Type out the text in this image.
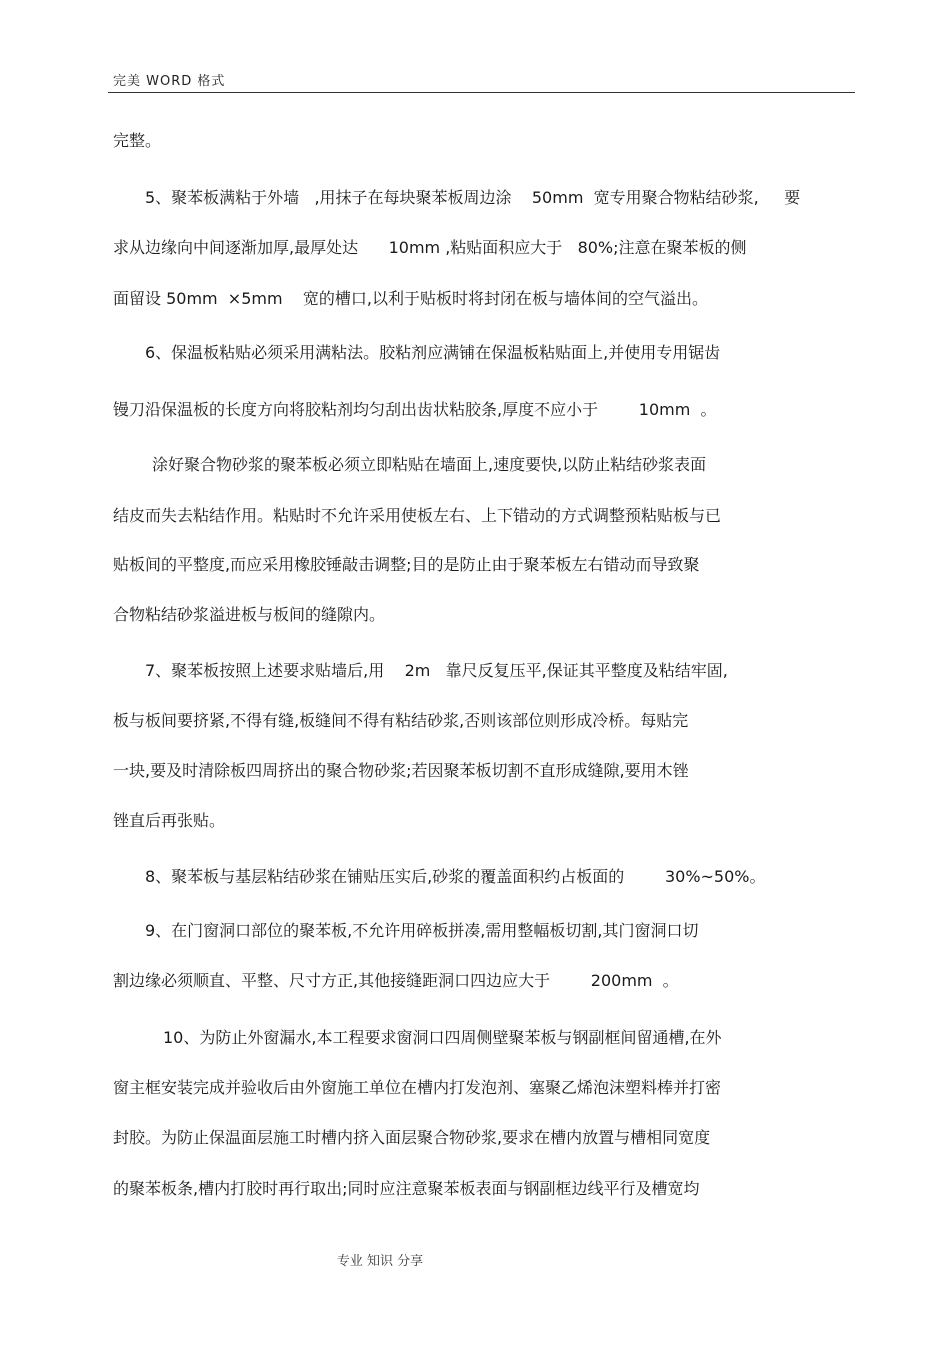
完美 WORD 格式
完整。
5、聚苯板满粘于外墙   ,用抹子在每块聚苯板周边涂    50mm  宽专用聚合物粘结砂浆,     要
求从边缘向中间逐渐加厚,最厚处达      10mm ,粘贴面积应大于   80%;注意在聚苯板的侧
面留设 50mm  ×5mm    宽的槽口,以利于贴板时将封闭在板与墙体间的空气溢出。
6、保温板粘贴必须采用满粘法。胶粘剂应满铺在保温板粘贴面上,并使用专用锯齿
镘刀沿保温板的长度方向将胶粘剂均匀刮出齿状粘胶条,厚度不应小于        10mm  。
涂好聚合物砂浆的聚苯板必须立即粘贴在墙面上,速度要快,以防止粘结砂浆表面
结皮而失去粘结作用。粘贴时不允许采用使板左右、上下错动的方式调整预粘贴板与已
贴板间的平整度,而应采用橡胶锤敲击调整;目的是防止由于聚苯板左右错动而导致聚
合物粘结砂浆溢进板与板间的缝隙内。
7、聚苯板按照上述要求贴墙后,用    2m   靠尺反复压平,保证其平整度及粘结牢固,
板与板间要挤紧,不得有缝,板缝间不得有粘结砂浆,否则该部位则形成冷桥。每贴完
一块,要及时清除板四周挤出的聚合物砂浆;若因聚苯板切割不直形成缝隙,要用木锉
锉直后再张贴。
8、聚苯板与基层粘结砂浆在铺贴压实后,砂浆的覆盖面积约占板面的        30%~50%。
9、在门窗洞口部位的聚苯板,不允许用碎板拼凑,需用整幅板切割,其门窗洞口切
割边缘必须顺直、平整、尺寸方正,其他接缝距洞口四边应大于        200mm  。
10、为防止外窗漏水,本工程要求窗洞口四周侧壁聚苯板与钢副框间留通槽,在外
窗主框安装完成并验收后由外窗施工单位在槽内打发泡剂、塞聚乙烯泡沫塑料棒并打密
封胶。为防止保温面层施工时槽内挤入面层聚合物砂浆,要求在槽内放置与槽相同宽度
的聚苯板条,槽内打胶时再行取出;同时应注意聚苯板表面与钢副框边线平行及槽宽均
专业 知识 分享
